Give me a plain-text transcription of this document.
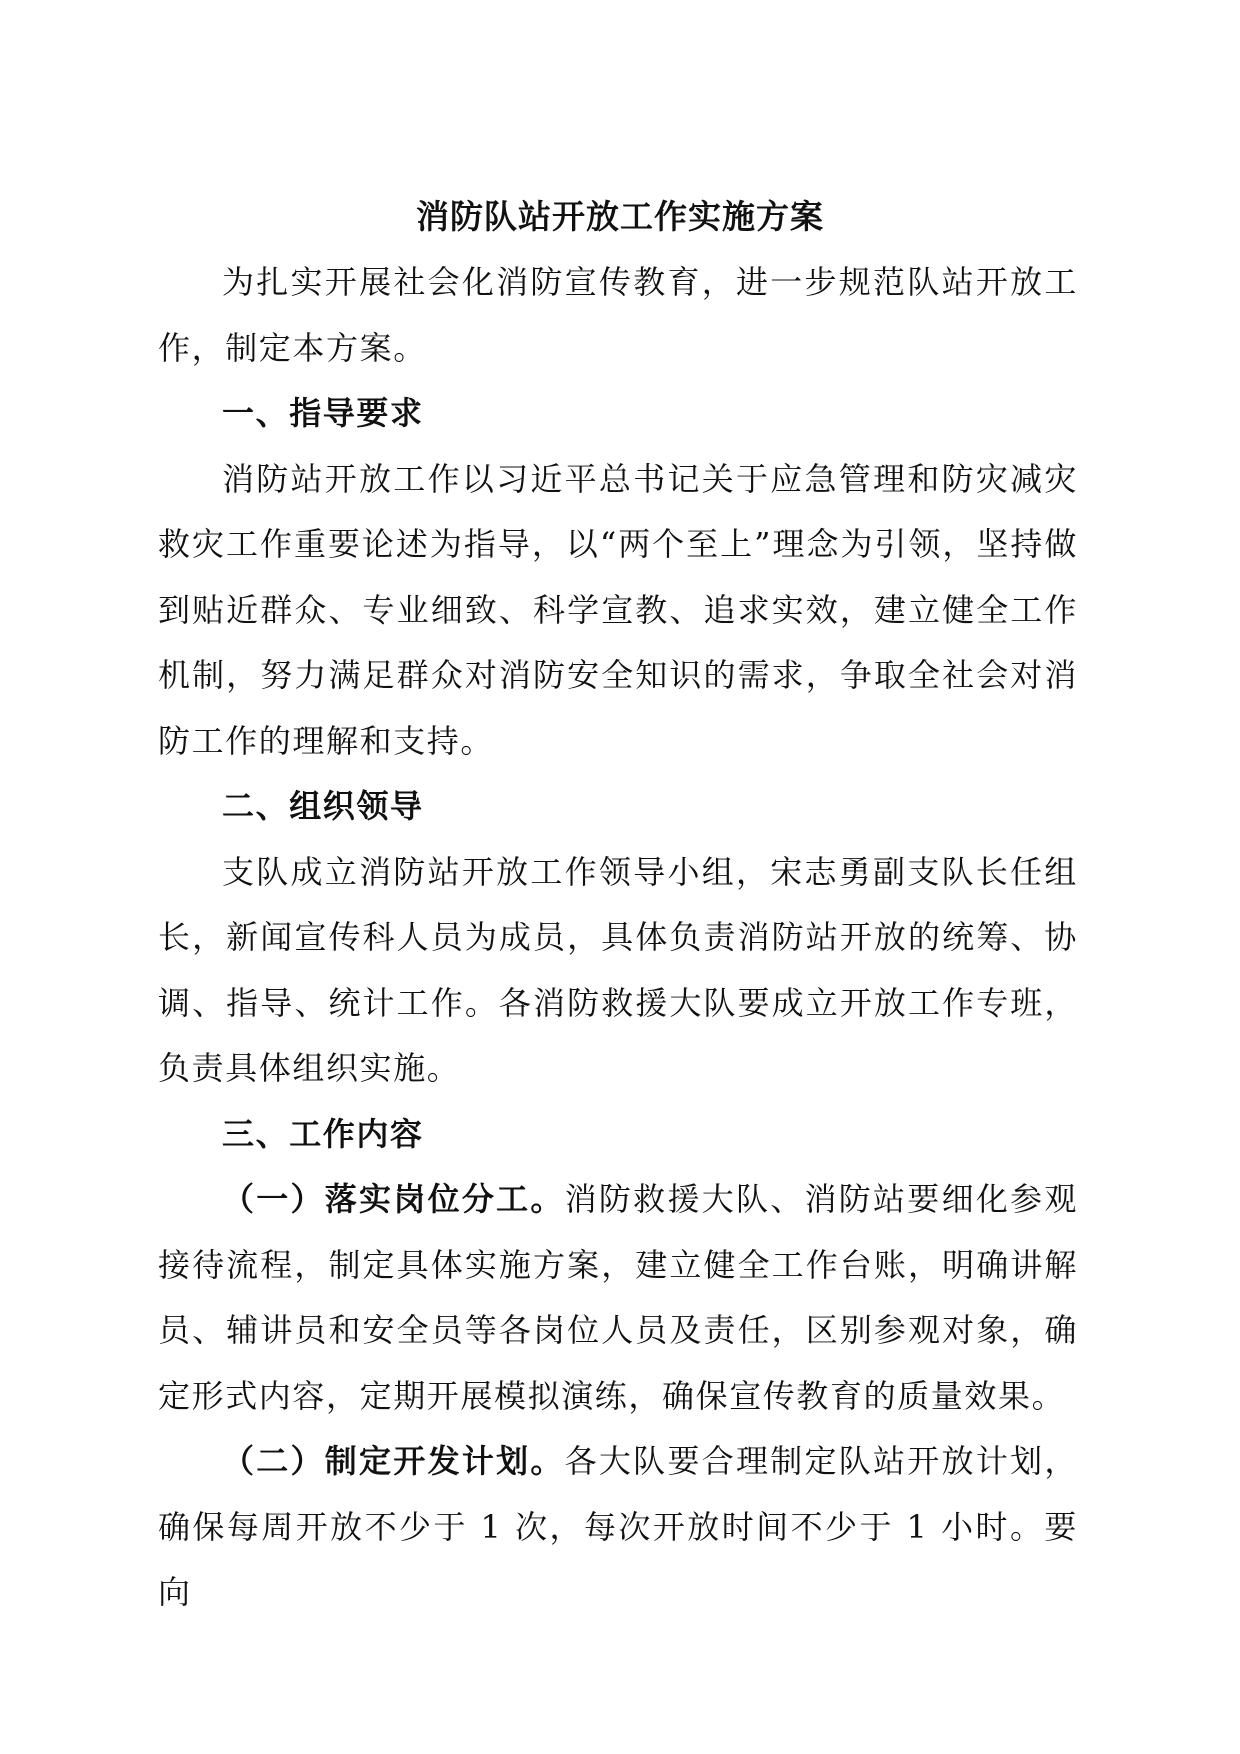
消防队站开放工作实施方案

为扎实开展社会化消防宣传教育，进一步规范队站开放工作，制定本方案。

一、指导要求

消防站开放工作以习近平总书记关于应急管理和防灾减灾救灾工作重要论述为指导，以“两个至上”理念为引领，坚持做到贴近群众、专业细致、科学宣教、追求实效，建立健全工作机制，努力满足群众对消防安全知识的需求，争取全社会对消防工作的理解和支持。

二、组织领导

支队成立消防站开放工作领导小组，宋志勇副支队长任组长，新闻宣传科人员为成员，具体负责消防站开放的统筹、协调、指导、统计工作。各消防救援大队要成立开放工作专班，负责具体组织实施。

三、工作内容

（一）落实岗位分工。消防救援大队、消防站要细化参观接待流程，制定具体实施方案，建立健全工作台账，明确讲解员、辅讲员和安全员等各岗位人员及责任，区别参观对象，确定形式内容，定期开展模拟演练，确保宣传教育的质量效果。

（二）制定开发计划。各大队要合理制定队站开放计划，确保每周开放不少于 1 次，每次开放时间不少于 1 小时。要向
